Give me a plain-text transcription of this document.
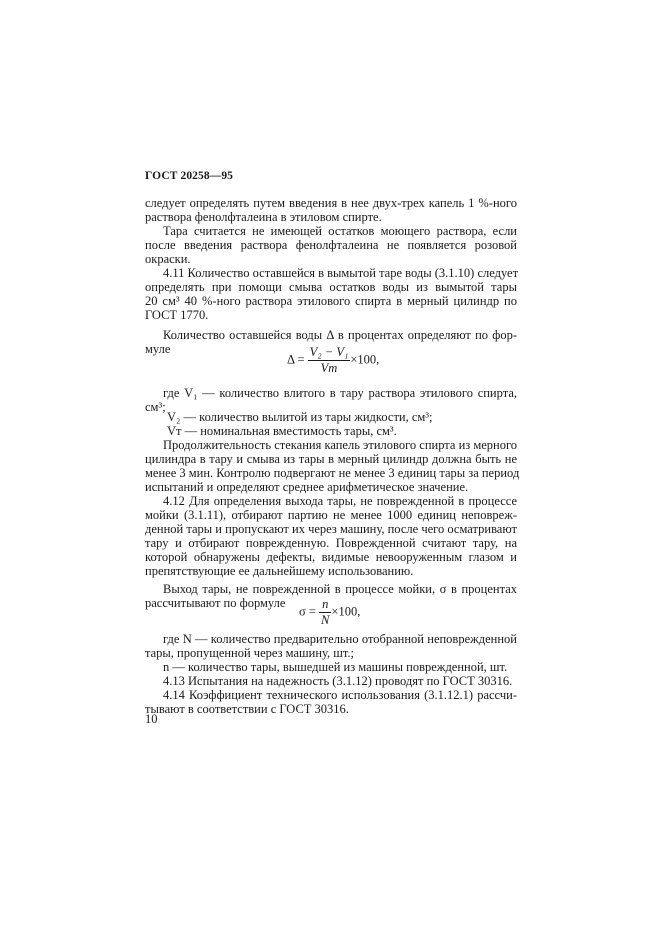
ГОСТ 20258—95
следует определять путем введения в нее двух-трех капель 1 %-ного
раствора фенолфталеина в этиловом спирте.
Тара считается не имеющей остатков моющего раствора, если
после введения раствора фенолфталеина не появляется розовой
окраски.
4.11 Количество оставшейся в вымытой таре воды (3.1.10) следует
определять при помощи смыва остатков воды из вымытой тары
20 см³ 40 %-ного раствора этилового спирта в мерный цилиндр по
ГОСТ 1770.
Количество оставшейся воды Δ в процентах определяют по фор-
муле
$\Delta = \frac{\text{V₂ − V₁}}{Vт} \times 100$,
где V₁ — количество влитого в тару раствора этилового спирта,
см³;
V₂ — количество вылитой из тары жидкости, см³;
Vт — номинальная вместимость тары, см³.
Продолжительность стекания капель этилового спирта из мерного
цилиндра в тару и смыва из тары в мерный цилиндр должна быть не
менее 3 мин. Контролю подвергают не менее 3 единиц тары за период
испытаний и определяют среднее арифметическое значение.
4.12 Для определения выхода тары, не поврежденной в процессе
мойки (3.1.11), отбирают партию не менее 1000 единиц неповреж-
денной тары и пропускают их через машину, после чего осматривают
тару и отбирают поврежденную. Поврежденной считают тару, на
которой обнаружены дефекты, видимые невооруженным глазом и
препятствующие ее дальнейшему использованию.
Выход тары, не поврежденной в процессе мойки, σ в процентах
рассчитывают по формуле
$\sigma = \frac{n}{N} \times 100$,
где N — количество предварительно отобранной неповрежденной
тары, пропущенной через машину, шт.;
n — количество тары, вышедшей из машины поврежденной, шт.
4.13 Испытания на надежность (3.1.12) проводят по ГОСТ 30316.
4.14 Коэффициент технического использования (3.1.12.1) рассчи-
тывают в соответствии с ГОСТ 30316.
10
